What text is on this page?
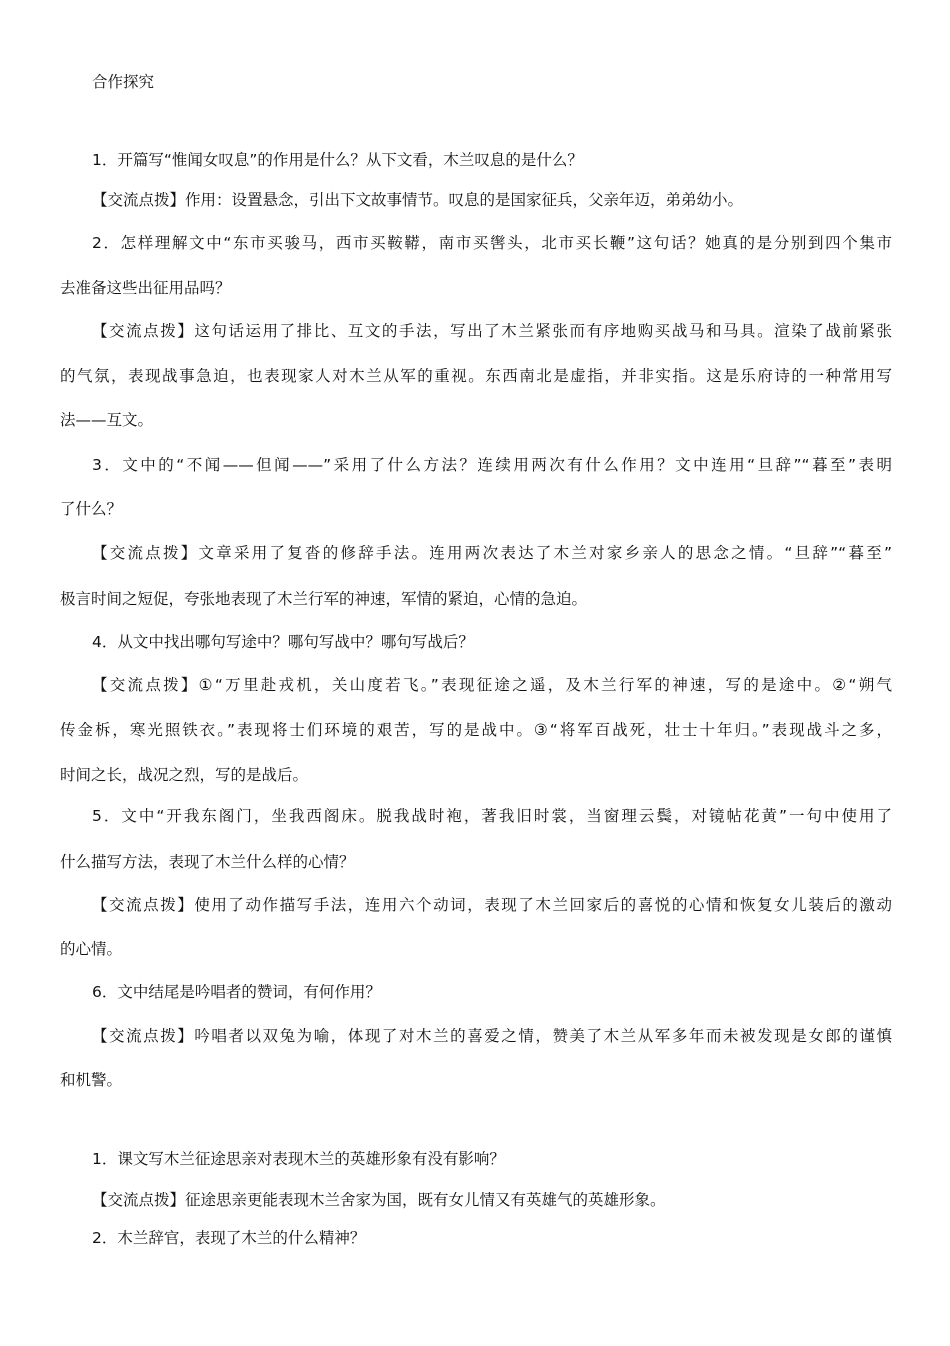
合作探究
1．开篇写“惟闻女叹息”的作用是什么？从下文看，木兰叹息的是什么？
【交流点拨】作用：设置悬念，引出下文故事情节。叹息的是国家征兵，父亲年迈，弟弟幼小。
2．怎样理解文中“东市买骏马，西市买鞍鞯，南市买辔头，北市买长鞭”这句话？她真的是分别到四个集市
去准备这些出征用品吗？
【交流点拨】这句话运用了排比、互文的手法，写出了木兰紧张而有序地购买战马和马具。渲染了战前紧张
的气氛，表现战事急迫，也表现家人对木兰从军的重视。东西南北是虚指，并非实指。这是乐府诗的一种常用写
法——互文。
3．文中的“不闻——但闻——”采用了什么方法？连续用两次有什么作用？文中连用“旦辞”“暮至”表明
了什么？
【交流点拨】文章采用了复沓的修辞手法。连用两次表达了木兰对家乡亲人的思念之情。“旦辞”“暮至”
极言时间之短促，夸张地表现了木兰行军的神速，军情的紧迫，心情的急迫。
4．从文中找出哪句写途中？哪句写战中？哪句写战后？
【交流点拨】①“万里赴戎机，关山度若飞。”表现征途之遥，及木兰行军的神速，写的是途中。②“朔气
传金柝，寒光照铁衣。”表现将士们环境的艰苦，写的是战中。③“将军百战死，壮士十年归。”表现战斗之多，
时间之长，战况之烈，写的是战后。
5．文中“开我东阁门，坐我西阁床。脱我战时袍，著我旧时裳，当窗理云鬓，对镜帖花黄”一句中使用了
什么描写方法，表现了木兰什么样的心情？
【交流点拨】使用了动作描写手法，连用六个动词，表现了木兰回家后的喜悦的心情和恢复女儿装后的激动
的心情。
6．文中结尾是吟唱者的赞词，有何作用？
【交流点拨】吟唱者以双兔为喻，体现了对木兰的喜爱之情，赞美了木兰从军多年而未被发现是女郎的谨慎
和机警。
1．课文写木兰征途思亲对表现木兰的英雄形象有没有影响？
【交流点拨】征途思亲更能表现木兰舍家为国，既有女儿情又有英雄气的英雄形象。
2．木兰辞官，表现了木兰的什么精神？
